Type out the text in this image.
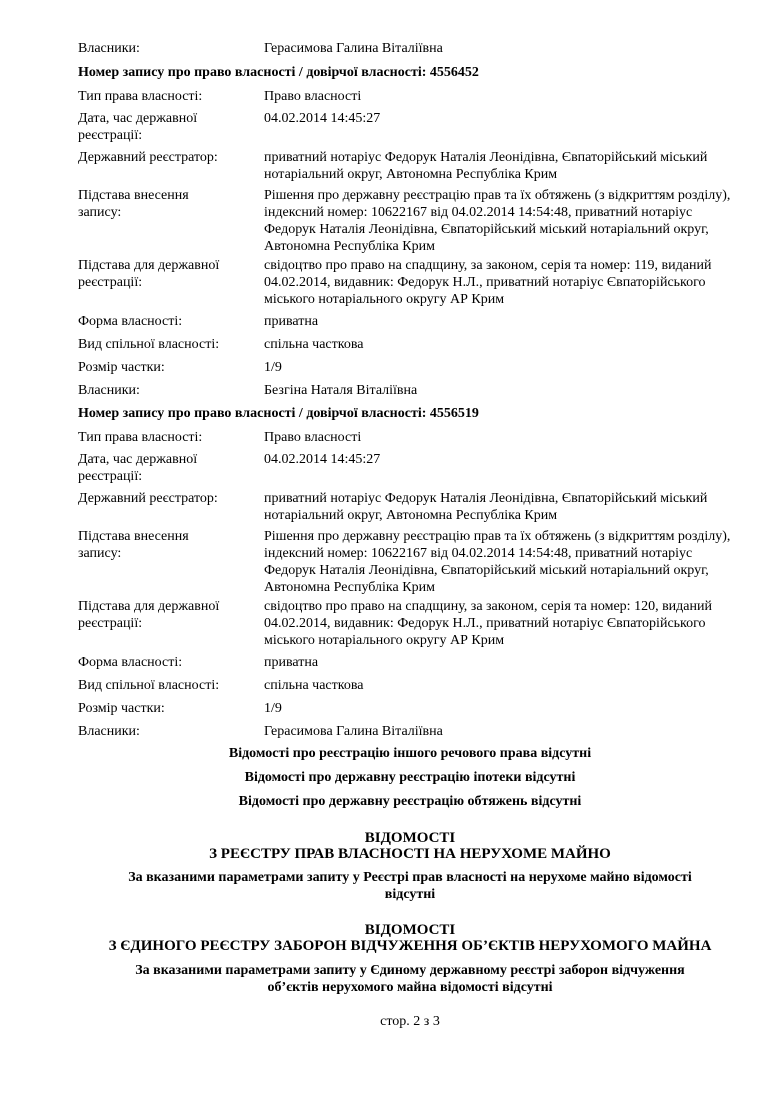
Власники:	Герасимова Галина Віталіївна
Номер запису про право власності / довірчої власності: 4556452
Тип права власності:	Право власності
Дата, час державної реєстрації:
04.02.2014 14:45:27
Державний реєстратор:	приватний нотаріус Федорук Наталія Леонідівна, Євпаторійський міський нотаріальний округ, Автономна Республіка Крим
Підстава внесення запису:
Рішення про державну реєстрацію прав та їх обтяжень (з відкриттям розділу), індексний номер: 10622167 від 04.02.2014 14:54:48, приватний нотаріус Федорук Наталія Леонідівна, Євпаторійський міський нотаріальний округ, Автономна Республіка Крим
Підстава для державної реєстрації:
свідоцтво про право на спадщину, за законом, серія та номер: 119, виданий 04.02.2014, видавник: Федорук Н.Л., приватний нотаріус Євпаторійського міського нотаріального округу АР Крим
Форма власності:	приватна
Вид спільної власності:	спільна часткова
Розмір частки:	1/9
Власники:	Безгіна Наталя Віталіївна
Номер запису про право власності / довірчої власності: 4556519
Тип права власності:	Право власності
Дата, час державної реєстрації:
04.02.2014 14:45:27
Державний реєстратор:	приватний нотаріус Федорук Наталія Леонідівна, Євпаторійський міський нотаріальний округ, Автономна Республіка Крим
Підстава внесення запису:
Рішення про державну реєстрацію прав та їх обтяжень (з відкриттям розділу), індексний номер: 10622167 від 04.02.2014 14:54:48, приватний нотаріус Федорук Наталія Леонідівна, Євпаторійський міський нотаріальний округ, Автономна Республіка Крим
Підстава для державної реєстрації:
свідоцтво про право на спадщину, за законом, серія та номер: 120, виданий 04.02.2014, видавник: Федорук Н.Л., приватний нотаріус Євпаторійського міського нотаріального округу АР Крим
Форма власності:	приватна
Вид спільної власності:	спільна часткова
Розмір частки:	1/9
Власники:	Герасимова Галина Віталіївна
Відомості про реєстрацію іншого речового права відсутні
Відомості про державну реєстрацію іпотеки відсутні
Відомості про державну реєстрацію обтяжень відсутні
ВІДОМОСТІ
З РЕЄСТРУ ПРАВ ВЛАСНОСТІ НА НЕРУХОМЕ МАЙНО
За вказаними параметрами запиту у Реєстрі прав власності на нерухоме майно відомості
відсутні
ВІДОМОСТІ
З ЄДИНОГО РЕЄСТРУ ЗАБОРОН ВІДЧУЖЕННЯ ОБ’ЄКТІВ НЕРУХОМОГО МАЙНА
За вказаними параметрами запиту у Єдиному державному реєстрі заборон відчуження
об’єктів нерухомого майна відомості відсутні
стор. 2 з 3
